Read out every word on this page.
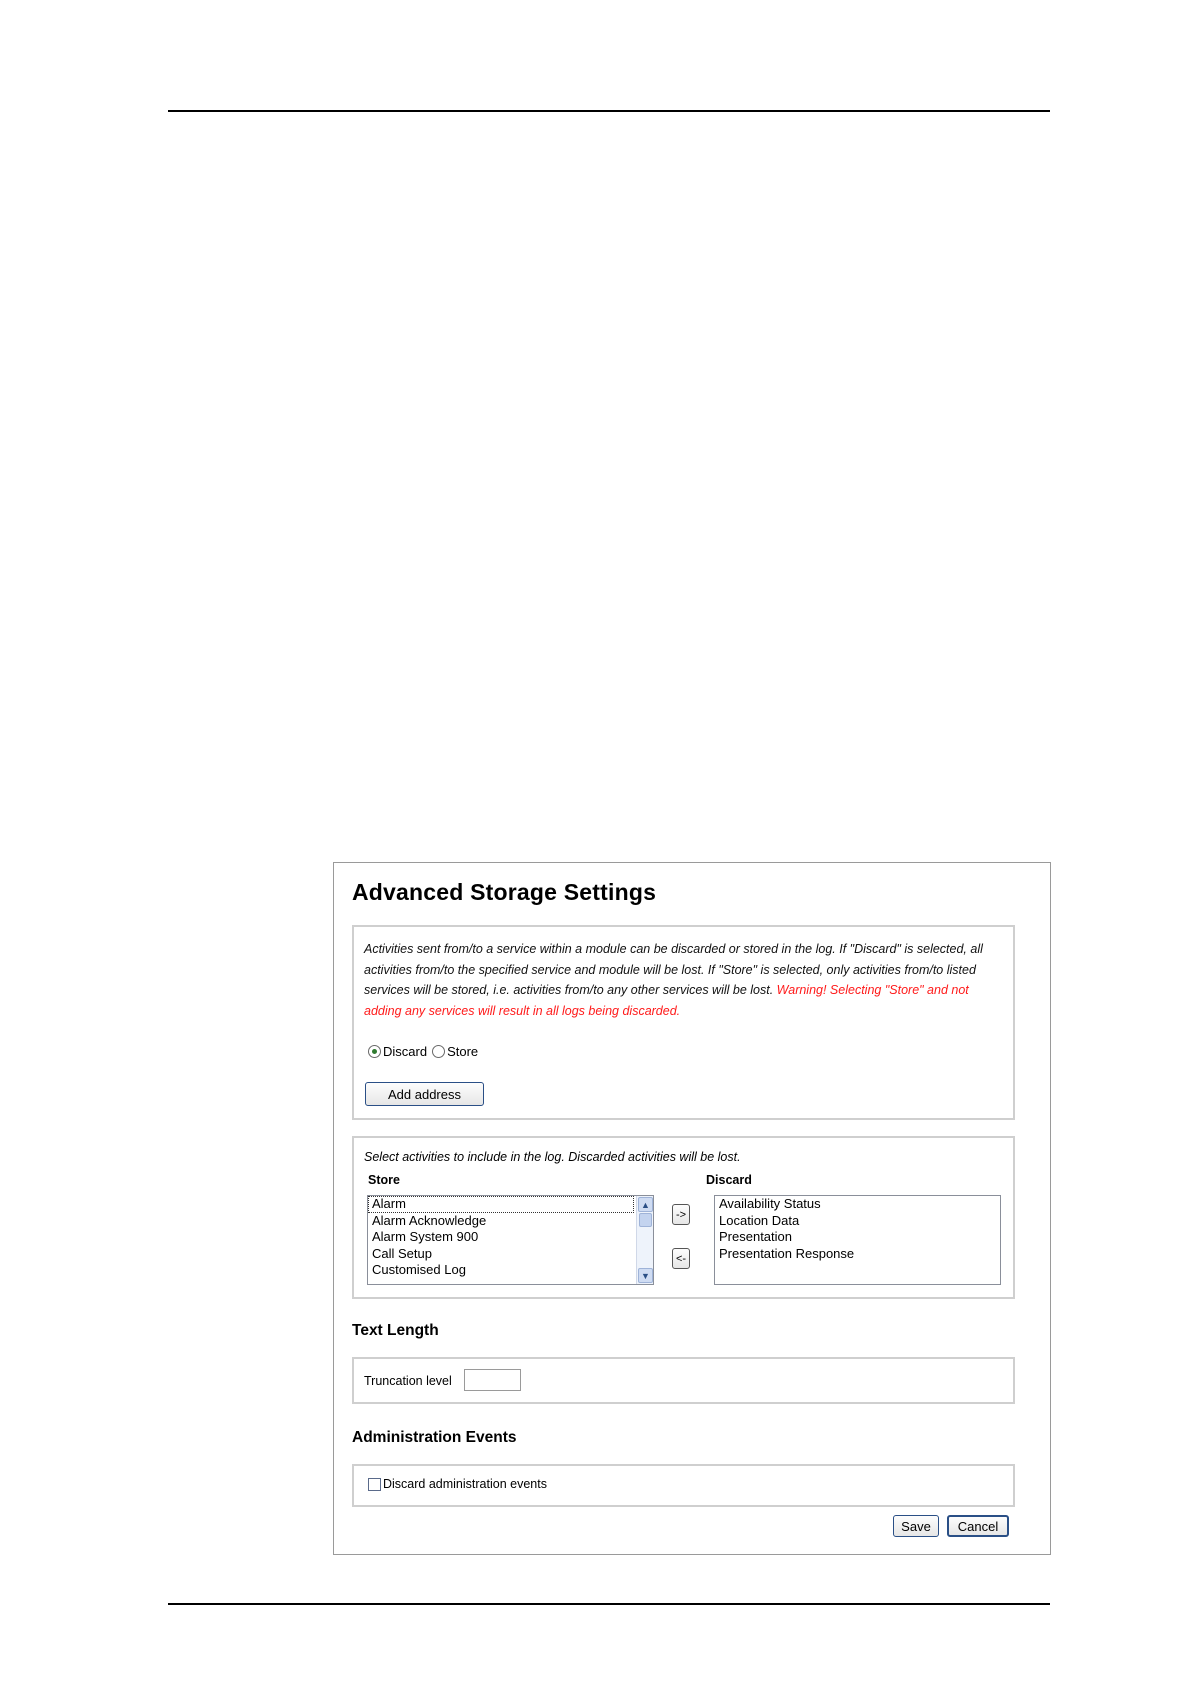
Advanced Storage Settings
Activities sent from/to a service within a module can be discarded or stored in the log. If "Discard" is selected, all activities from/to the specified service and module will be lost. If "Store" is selected, only activities from/to listed services will be stored, i.e. activities from/to any other services will be lost. Warning! Selecting "Store" and not adding any services will result in all logs being discarded.
Discard Store
Add address
Select activities to include in the log. Discarded activities will be lost.
Store	Discard
Alarm
Alarm Acknowledge
Alarm System 900
Call Setup
Customised Log
▲
▼
->
<-
Availability Status
Location Data
Presentation
Presentation Response
Text Length
Truncation level
Administration Events
Discard administration events
Save	Cancel
